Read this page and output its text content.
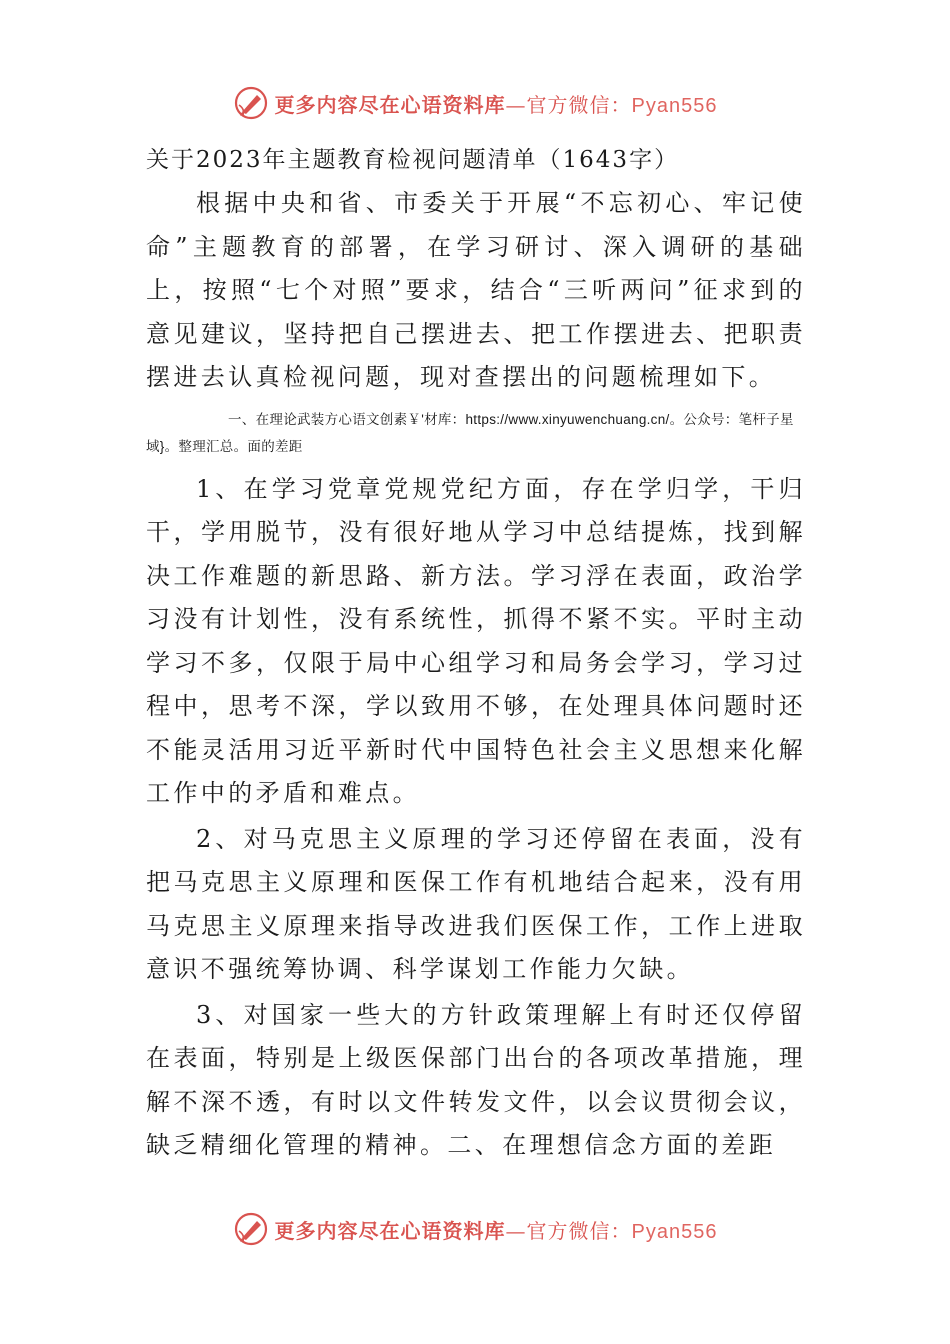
更多内容尽在心语资料库—官方微信：Pyan556
关于2023年主题教育检视问题清单（1643字）

根据中央和省、市委关于开展“不忘初心、牢记使命”主题教育的部署，在学习研讨、深入调研的基础上，按照“七个对照”要求，结合“三听两问”征求到的意见建议，坚持把自己摆进去、把工作摆进去、把职责摆进去认真检视问题，现对查摆出的问题梳理如下。

一、在理论武装方心语文创素￥'材库：https://www.xinyuwenchuang.cn/。公众号：笔杆子星域}。整理汇总。面的差距

1、在学习党章党规党纪方面，存在学归学，干归干，学用脱节，没有很好地从学习中总结提炼，找到解决工作难题的新思路、新方法。学习浮在表面，政治学习没有计划性，没有系统性，抓得不紧不实。平时主动学习不多，仅限于局中心组学习和局务会学习，学习过程中，思考不深，学以致用不够，在处理具体问题时还不能灵活用习近平新时代中国特色社会主义思想来化解工作中的矛盾和难点。

2、对马克思主义原理的学习还停留在表面，没有把马克思主义原理和医保工作有机地结合起来，没有用马克思主义原理来指导改进我们医保工作，工作上进取意识不强统筹协调、科学谋划工作能力欠缺。

3、对国家一些大的方针政策理解上有时还仅停留在表面，特别是上级医保部门出台的各项改革措施，理解不深不透，有时以文件转发文件，以会议贯彻会议，缺乏精细化管理的精神。二、在理想信念方面的差距

更多内容尽在心语资料库—官方微信：Pyan556
